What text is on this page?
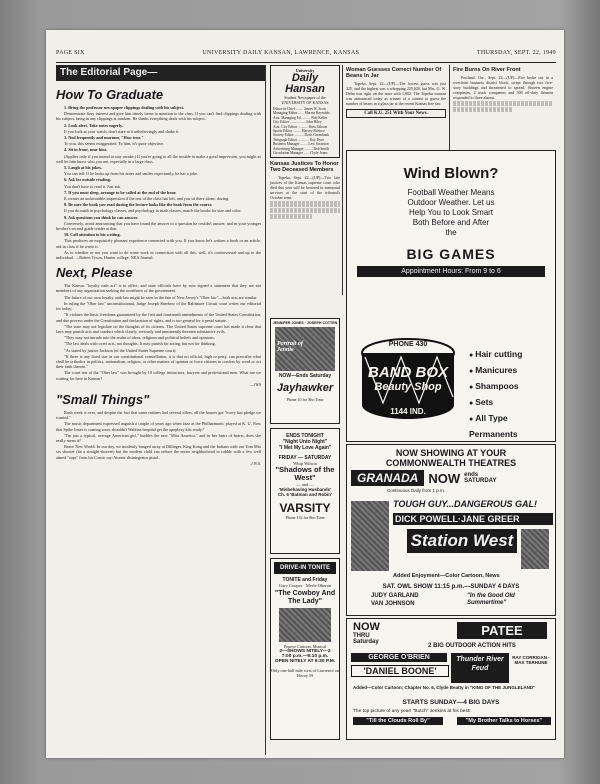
PAGE SIX	UNIVERSITY DAILY KANSAN, LAWRENCE, KANSAS	THURSDAY, SEPT. 22, 1949
The Editorial Page—
How To Graduate
1. Bring the professor newspaper clippings dealing with his subject.
Demonstrate fiery interest and give him timely items to mention to the class. If you can't find clippings dealing with his subject, bring in any clippings at random. He thinks everything deals with his subject.
2. Look alert. Take notes eagerly.
If you look at your watch, don't stare at it unbelievingly and shake it.
3. Nod frequently and murmur, "How true."
To you, this seems exaggerated. To him, it's quite objective.
4. Sit in front, near him.
(Applies only if you intend to stay awake.) If you're going to all the trouble to make a good impression, you might as well let him know who you are, especially in a large class.
5. Laugh at his jokes.
You can tell. If he looks up from his notes and smiles expectantly, he has a joke.
6. Ask for outside reading.
You don't have to read it. Just ask.
7. If you must sleep, arrange to be called at the end of the hour.
It creates an unfavorable impression if the rest of the class has left, and you sit there alone, dozing.
8. Be sure the book you read during the lecture looks like the book from the course.
If you do math in psychology classes, and psychology in math classes, match the books for size and color.
9. Ask questions you think he can answer.
Conversely, avoid announcing that you have found the answer to a question he couldn't answer, and in your younger brother's second grade reader at that.
10. Call attention to his writing.
This produces an exquisitely pleasant experience connected with you. If you know he's written a book or an article, ask in class if he wrote it.
As to whether or not you want to do some work in connection with all this, well, it's controversial and up to the individual. —Robert Tyson, Hunter college. NEA Journal.
Next, Please
The Kansas "loyalty oath act" is in effect, and state officials have by now signed a statement that they are not members of any organization seeking the overthrow of the government.
The future of our own loyalty oath law might be seen in the fate of New Jersey's "Ober law"—both acts are similar.
In ruling the "Ober law" unconstitutional, Judge Joseph Sherbow of the Baltimore Circuit court writes our editorial for today:
"It violates the basic freedoms guaranteed by the first and fourteenth amendments of the United States Constitution, and due process under the Constitution and declaration of rights, and is too general for a penal statute.
"The state may not legislate on the thoughts of its citizens. The United States supreme court has made it clear that laws may punish acts and conduct which clearly, seriously and imminently threaten substantive evils.
"They may not intrude into the realm of ideas, religious and political beliefs and opinions.
"The law deals with overt acts, not thoughts. It may punish for acting, but not for thinking.
"As stated by justice Jackson (of the United States Supreme court):
"If there is any fixed star in our constitutional constellation, it is that no official, high or petty, can prescribe what shall be orthodox in politics, nationalism, religion, or other matters of opinion or force citizens to confess by word or act their faith therein."
The court test of the "Ober law" was brought by 10 college instructors, lawyers and professional men. What are we waiting for here in Kansas?
—JWS
"Small Things"
Rush week is over, and despite the fact that some rushees had several offers, all the houses got "every last pledge we wanted."
The music department expressed anguish a couple of years ago when Jazz at the Philharmonic played at K. U. Now that Spike Jones is coming soon, shouldn't Watkins hospital get the apoplexy kits ready?
"I'm just a typical, average American girl," burbles the new "Miss America," and in her heart of hearts, does she really mean it?
Brave New World: In our day, we modestly banged away at Dillinger, King Kong and the Indians with our Tom Mix six shooter (be a straight-shooter) but the modern child can reduce the entire neighborhood to rubble with a few well aimed "zaps" from his Comic ray-Atomic disintegrator pistol.
J.W.S.
University
Daily Hansan
Student Newspaper of the
UNIVERSITY OF KANSAS
Editor-in-Chief ........ James W. Scott
Managing Editor ...... Marvin Reynolds
Asst. Managing Ed. ......... Bob Keller
City Editor ................. John Riley
Asst. City Editor ........... Russ Gibson
Sports Editor ......... Harvey Bristow
Society Editor .......... Doris Greenbank
Telegraph Editor ............ Kay Dyer
Business Manager ........ Lew Scranton
Advertising Manager ......... Bob Smith
Circulation Manager ...... Clyde Jones
Kansas Justices To Honor Two Deceased Members
Topeka, Sept. 22—(UP)—Two late justices of the Kansas supreme court who died this year will be honored in memorial services at the start of the tribunal's October term.
JENNIFER JONES · JOSEPH COTTEN
Portrait of Jennie
NOW—Ends Saturday
Jayhawker
Phone 10 for Sho Time
ENDS TONIGHT
"Night Unto Night"
"I Met My Love Again"
FRIDAY — SATURDAY
Whip Wilson
"Shadows of the West"
— and —
'Misbehaving Husbands'
Ch. 5 'Batman and Robin'
VARSITY
Phone 132 for Sho Time
DRIVE-IN TONITE
TONITE and Friday
Gary Cooper · Merle Oberon
"The Cowboy And The Lady"
Popeye Cartoon, Musical
2—SHOWS NITELY—2
7:00 p.m.—9:10 p.m.
OPEN NITELY AT 6:30 P.M.
Only one-half mile west of Lawrence on Hiway 59
Woman Guesses Correct Number Of Beans In Jar
Topeka, Sept. 22—(UP)—The lowest guess was just 325, and the highest was a whopping 225,620, but Mrs. G. W. Dehn was right on the nose with 1,882. The Topeka woman was announced today as winner of a contest to guess the number of beans in a glass jar at the recent Kansas free fair.
Call K.U. 251 With Your News.
Fire Burns On River Front
Portland, Ore., Sept. 22—(UP)—Fire broke out in a riverfront business district block, swept through two five-story buildings and threatened to spread. Sixteen engine companies, 2 truck companies and 300 off-duty firemen responded to three alarms.
Wind Blown?
Football Weather Means
Outdoor Weather. Let us
Help You to Look Smart
Both Before and After
the
BIG GAMES
Appointment Hours: From 9 to 6
PHONE 430
BAND BOX
Beauty Shop
1144 IND.
● Hair cutting
● Manicures
● Shampoos
● Sets
● All Type Permanents
NOW SHOWING AT YOUR
COMMONWEALTH THEATRES
GRANADA NOW ends SATURDAY
Continuous Daily from 1 p.m.
TOUGH GUY...DANGEROUS GAL!
DICK POWELL·JANE GREER
Station West
Added Enjoyment—Color Cartoon, News
SAT. OWL SHOW 11:15 p.m.—SUNDAY 4 DAYS
JUDY GARLAND
VAN JOHNSON
"In the Good Old Summertime"
NOW
THRU Saturday
PATEE
2 BIG OUTDOOR ACTION HITS
GEORGE O'BRIEN
'DANIEL BOONE'
Thunder River Feud
RAY CORRIGAN · MAX TERHUNE
Added—Color Cartoon; Chapter No. 6, Clyde Beatty in "KING OF THE JUNGLELAND"
STARTS SUNDAY—4 BIG DAYS
The top picture of any year! "Butch" Jenkins at his best!
"Till the Clouds Roll By"	"My Brother Talks to Horses"
